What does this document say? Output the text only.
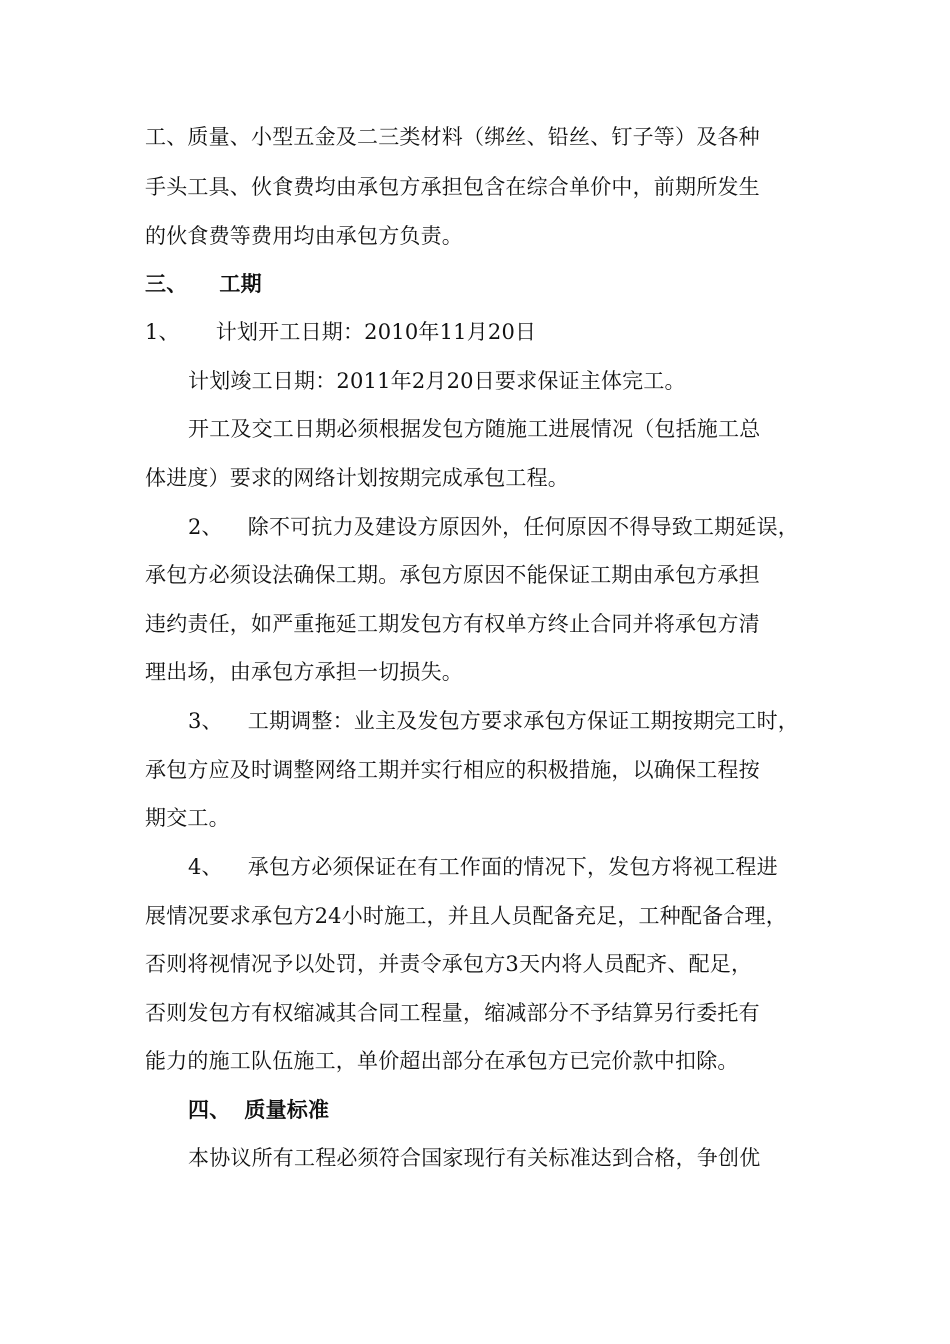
工、质量、小型五金及二三类材料（绑丝、铅丝、钉子等）及各种
手头工具、伙食费均由承包方承担包含在综合单价中，前期所发生
的伙食费等费用均由承包方负责。
三、 工期
1、 计划开工日期：2010年11月20日
计划竣工日期：2011年2月20日要求保证主体完工。
开工及交工日期必须根据发包方随施工进展情况（包括施工总
体进度）要求的网络计划按期完成承包工程。
2、 除不可抗力及建设方原因外，任何原因不得导致工期延误，
承包方必须设法确保工期。承包方原因不能保证工期由承包方承担
违约责任，如严重拖延工期发包方有权单方终止合同并将承包方清
理出场，由承包方承担一切损失。
3、 工期调整：业主及发包方要求承包方保证工期按期完工时，
承包方应及时调整网络工期并实行相应的积极措施，以确保工程按
期交工。
4、 承包方必须保证在有工作面的情况下，发包方将视工程进
展情况要求承包方24小时施工，并且人员配备充足，工种配备合理，
否则将视情况予以处罚，并责令承包方3天内将人员配齐、配足，
否则发包方有权缩减其合同工程量，缩减部分不予结算另行委托有
能力的施工队伍施工，单价超出部分在承包方已完价款中扣除。
四、 质量标准
本协议所有工程必须符合国家现行有关标准达到合格，争创优
